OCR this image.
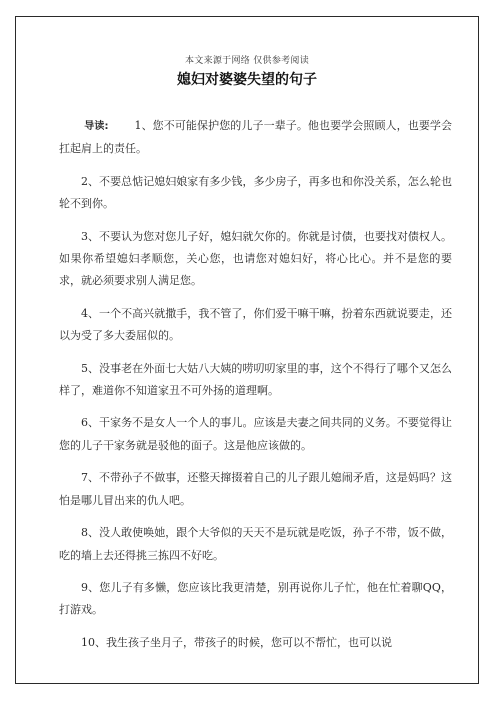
本文来源于网络 仅供参考阅读
媳妇对婆婆失望的句子

导读: 1、您不可能保护您的儿子一辈子。他也要学会照顾人，也要学会扛起肩上的责任。

2、不要总惦记媳妇娘家有多少钱，多少房子，再多也和你没关系，怎么轮也轮不到你。

3、不要认为您对您儿子好，媳妇就欠你的。你就是讨债，也要找对债权人。如果你希望媳妇孝顺您，关心您，也请您对媳妇好，将心比心。并不是您的要求，就必须要求别人满足您。

4、一个不高兴就撒手，我不管了，你们爱干嘛干嘛，扮着东西就说要走，还以为受了多大委屈似的。

5、没事老在外面七大姑八大姨的唠叨叨家里的事，这个不得行了哪个又怎么样了，难道你不知道家丑不可外扬的道理啊。

6、干家务不是女人一个人的事儿。应该是夫妻之间共同的义务。不要觉得让您的儿子干家务就是驳他的面子。这是他应该做的。

7、不带孙子不做事，还整天撺掇着自己的儿子跟儿媳闹矛盾，这是妈吗？这怕是哪儿冒出来的仇人吧。

8、没人敢使唤她，跟个大爷似的天天不是玩就是吃饭，孙子不带，饭不做，吃的墙上去还得挑三拣四不好吃。

9、您儿子有多懒，您应该比我更清楚，别再说你儿子忙，他在忙着聊QQ，打游戏。

10、我生孩子坐月子，带孩子的时候，您可以不帮忙，也可以说
